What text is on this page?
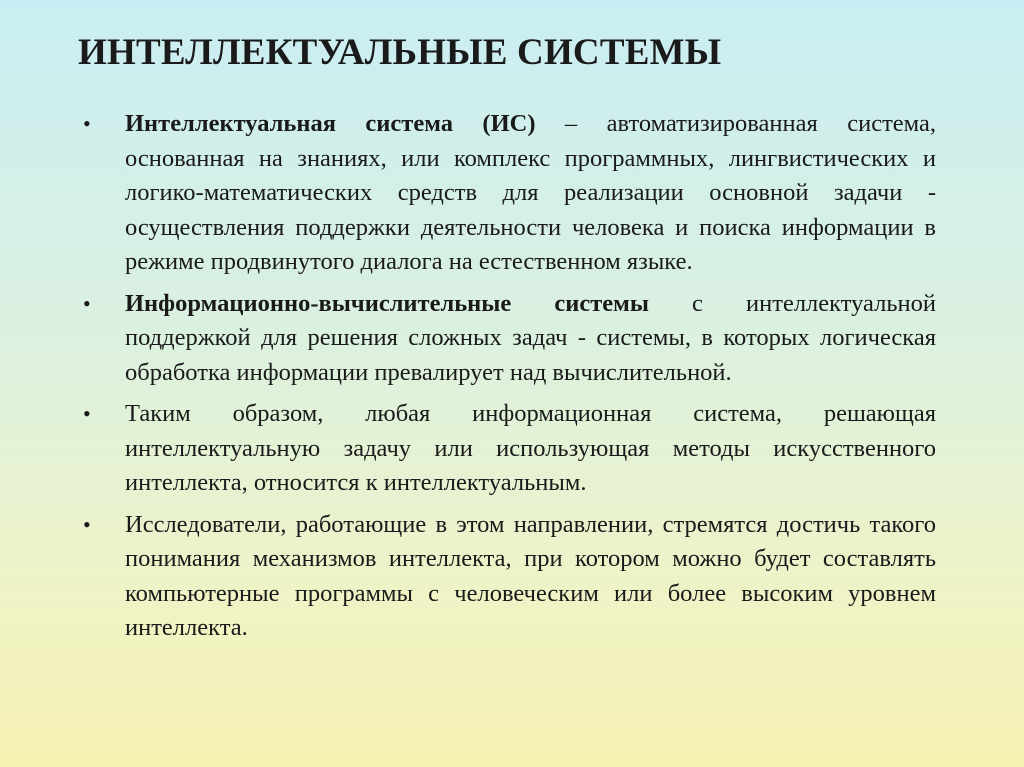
ИНТЕЛЛЕКТУАЛЬНЫЕ СИСТЕМЫ
• Интеллектуальная система (ИС) – автоматизированная система, основанная на знаниях, или комплекс программных, лингвистических и логико-математических средств для реализации основной задачи - осуществления поддержки деятельности человека и поиска информации в режиме продвинутого диалога на естественном языке.
• Информационно-вычислительные системы с интеллектуальной поддержкой для решения сложных задач - системы, в которых логическая обработка информации превалирует над вычислительной.
• Таким образом, любая информационная система, решающая интеллектуальную задачу или использующая методы искусственного интеллекта, относится к интеллектуальным.
• Исследователи, работающие в этом направлении, стремятся достичь такого понимания механизмов интеллекта, при котором можно будет составлять компьютерные программы с человеческим или более высоким уровнем интеллекта.
